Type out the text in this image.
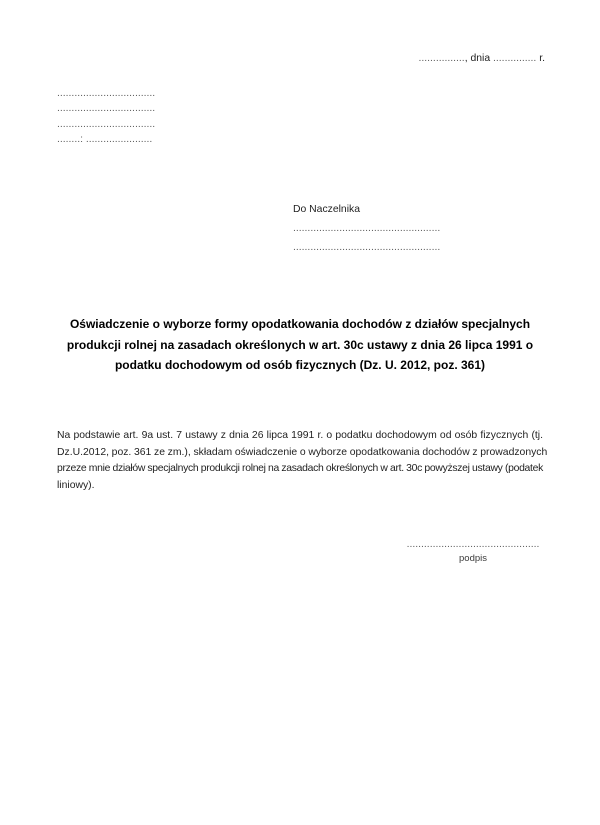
................, dnia ............... r.
..................................
..................................
..................................
........: .......................
Do Naczelnika
...................................................
...................................................
Oświadczenie o wyborze formy opodatkowania dochodów z działów specjalnych
produkcji rolnej na zasadach określonych w art. 30c ustawy z dnia 26 lipca 1991 o
podatku dochodowym od osób fizycznych (Dz. U. 2012, poz. 361)
Na podstawie art. 9a ust. 7 ustawy z dnia 26 lipca 1991 r. o podatku dochodowym od osób fizycznych (tj.
Dz.U.2012, poz. 361 ze zm.), składam oświadczenie o wyborze opodatkowania dochodów z prowadzonych
przeze mnie działów specjalnych produkcji rolnej na zasadach określonych w art. 30c powyższej ustawy (podatek
liniowy).
..............................................
podpis
